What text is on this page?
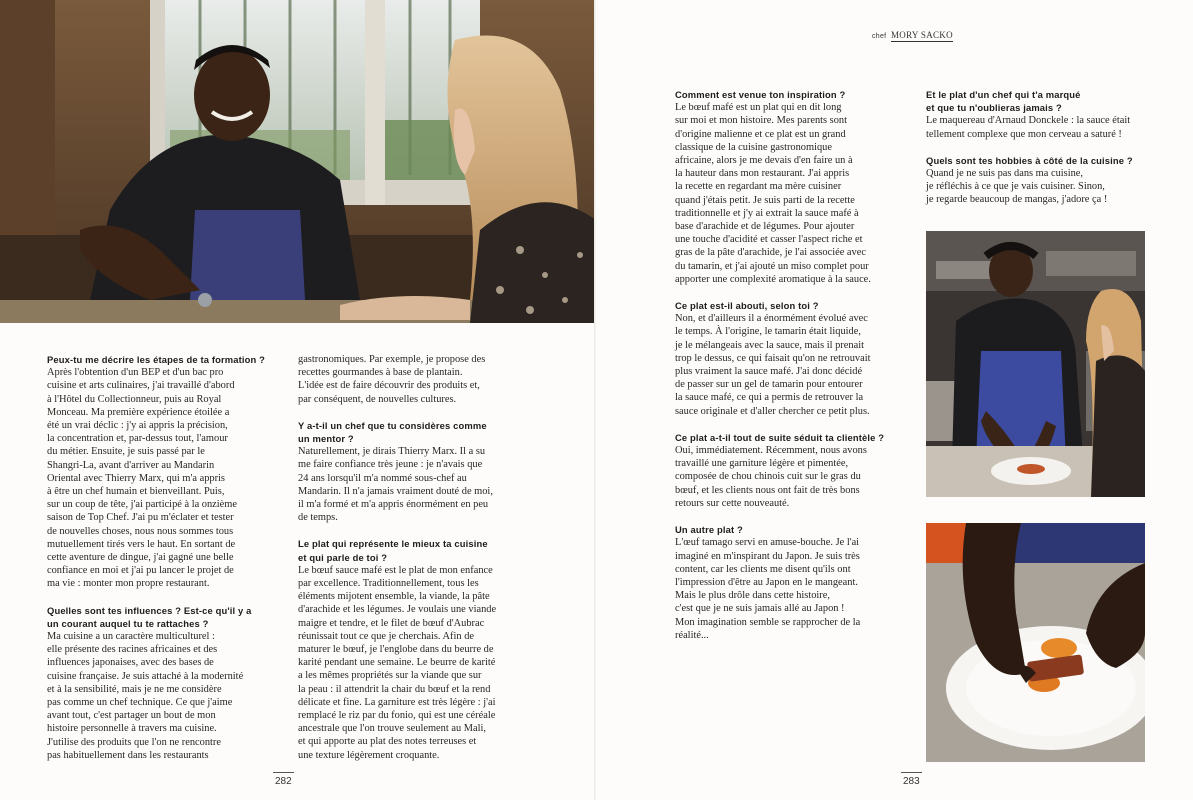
Peux-tu me décrire les étapes de ta formation ?
Après l'obtention d'un BEP et d'un bac pro
cuisine et arts culinaires, j'ai travaillé d'abord
à l'Hôtel du Collectionneur, puis au Royal
Monceau. Ma première expérience étoilée a
été un vrai déclic : j'y ai appris la précision,
la concentration et, par-dessus tout, l'amour
du métier. Ensuite, je suis passé par le
Shangri-La, avant d'arriver au Mandarin
Oriental avec Thierry Marx, qui m'a appris
à être un chef humain et bienveillant. Puis,
sur un coup de tête, j'ai participé à la onzième
saison de Top Chef. J'ai pu m'éclater et tester
de nouvelles choses, nous nous sommes tous
mutuellement tirés vers le haut. En sortant de
cette aventure de dingue, j'ai gagné une belle
confiance en moi et j'ai pu lancer le projet de
ma vie : monter mon propre restaurant.

Quelles sont tes influences ? Est-ce qu'il y a
un courant auquel tu te rattaches ?
Ma cuisine a un caractère multiculturel :
elle présente des racines africaines et des
influences japonaises, avec des bases de
cuisine française. Je suis attaché à la modernité
et à la sensibilité, mais je ne me considère
pas comme un chef technique. Ce que j'aime
avant tout, c'est partager un bout de mon
histoire personnelle à travers ma cuisine.
J'utilise des produits que l'on ne rencontre
pas habituellement dans les restaurants

gastronomiques. Par exemple, je propose des
recettes gourmandes à base de plantain.
L'idée est de faire découvrir des produits et,
par conséquent, de nouvelles cultures.

Y a-t-il un chef que tu considères comme
un mentor ?
Naturellement, je dirais Thierry Marx. Il a su
me faire confiance très jeune : je n'avais que
24 ans lorsqu'il m'a nommé sous-chef au
Mandarin. Il n'a jamais vraiment douté de moi,
il m'a formé et m'a appris énormément en peu
de temps.

Le plat qui représente le mieux ta cuisine
et qui parle de toi ?
Le bœuf sauce mafé est le plat de mon enfance
par excellence. Traditionnellement, tous les
éléments mijotent ensemble, la viande, la pâte
d'arachide et les légumes. Je voulais une viande
maigre et tendre, et le filet de bœuf d'Aubrac
réunissait tout ce que je cherchais. Afin de
maturer le bœuf, je l'englobe dans du beurre de
karité pendant une semaine. Le beurre de karité
a les mêmes propriétés sur la viande que sur
la peau : il attendrit la chair du bœuf et la rend
délicate et fine. La garniture est très légère : j'ai
remplacé le riz par du fonio, qui est une céréale
ancestrale que l'on trouve seulement au Mali,
et qui apporte au plat des notes terreuses et
une texture légèrement croquante.

282
chef MORY SACKO

Comment est venue ton inspiration ?
Le bœuf mafé est un plat qui en dit long
sur moi et mon histoire. Mes parents sont
d'origine malienne et ce plat est un grand
classique de la cuisine gastronomique
africaine, alors je me devais d'en faire un à
la hauteur dans mon restaurant. J'ai appris
la recette en regardant ma mère cuisiner
quand j'étais petit. Je suis parti de la recette
traditionnelle et j'y ai extrait la sauce mafé à
base d'arachide et de légumes. Pour ajouter
une touche d'acidité et casser l'aspect riche et
gras de la pâte d'arachide, je l'ai associée avec
du tamarin, et j'ai ajouté un miso complet pour
apporter une complexité aromatique à la sauce.

Ce plat est-il abouti, selon toi ?
Non, et d'ailleurs il a énormément évolué avec
le temps. À l'origine, le tamarin était liquide,
je le mélangeais avec la sauce, mais il prenait
trop le dessus, ce qui faisait qu'on ne retrouvait
plus vraiment la sauce mafé. J'ai donc décidé
de passer sur un gel de tamarin pour entourer
la sauce mafé, ce qui a permis de retrouver la
sauce originale et d'aller chercher ce petit plus.

Ce plat a-t-il tout de suite séduit ta clientèle ?
Oui, immédiatement. Récemment, nous avons
travaillé une garniture légère et pimentée,
composée de chou chinois cuit sur le gras du
bœuf, et les clients nous ont fait de très bons
retours sur cette nouveauté.

Un autre plat ?
L'œuf tamago servi en amuse-bouche. Je l'ai
imaginé en m'inspirant du Japon. Je suis très
content, car les clients me disent qu'ils ont
l'impression d'être au Japon en le mangeant.
Mais le plus drôle dans cette histoire,
c'est que je ne suis jamais allé au Japon !
Mon imagination semble se rapprocher de la
réalité...

Et le plat d'un chef qui t'a marqué
et que tu n'oublieras jamais ?
Le maquereau d'Arnaud Donckele : la sauce était
tellement complexe que mon cerveau a saturé !

Quels sont tes hobbies à côté de la cuisine ?
Quand je ne suis pas dans ma cuisine,
je réfléchis à ce que je vais cuisiner. Sinon,
je regarde beaucoup de mangas, j'adore ça !

283
